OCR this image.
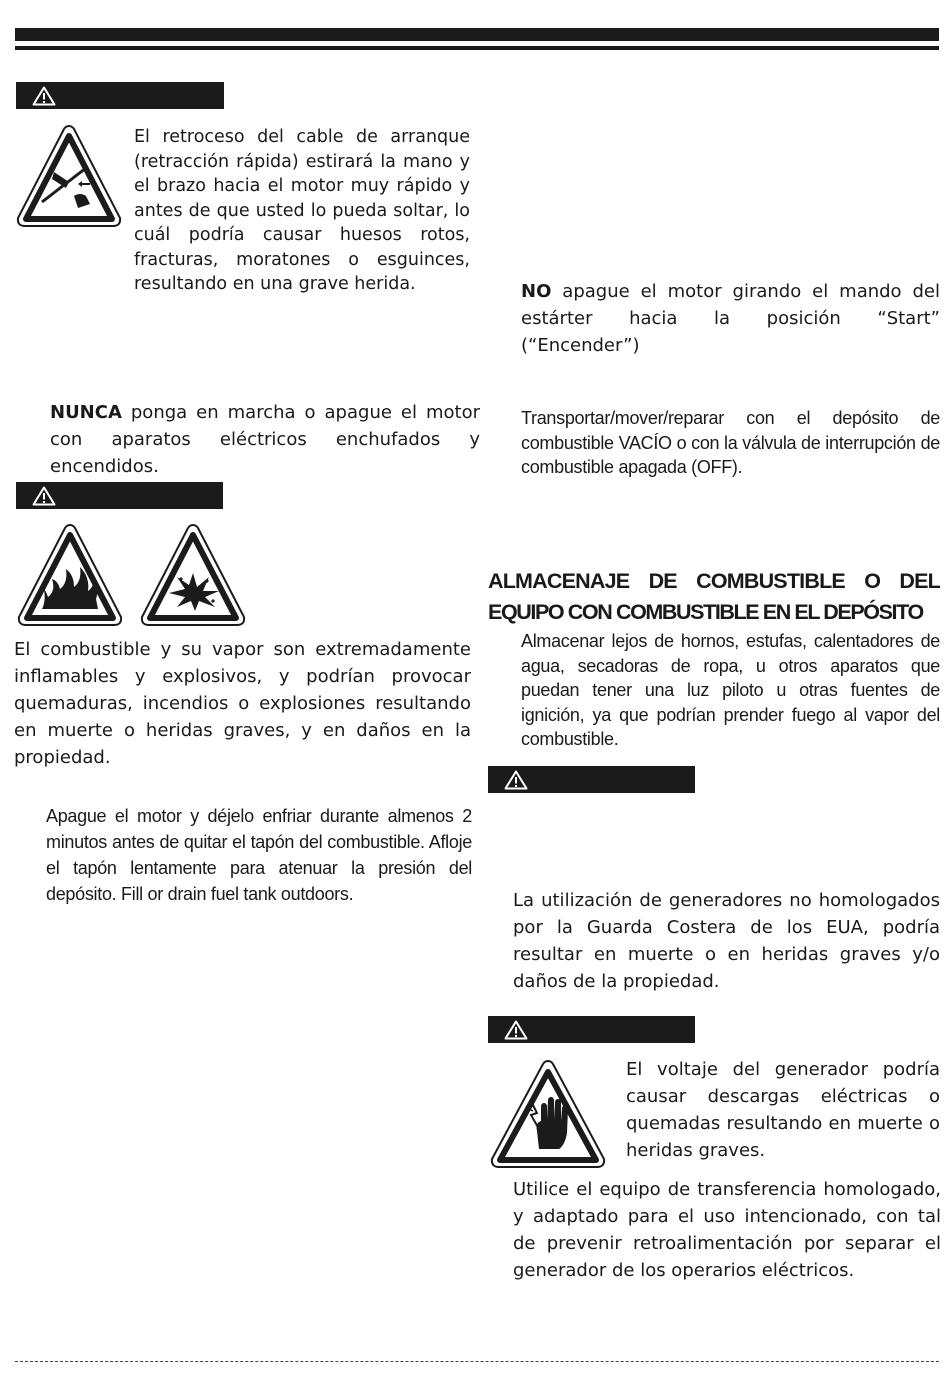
El retroceso del cable de arranque (retracción rápida) estirará la mano y el brazo hacia el motor muy rápido y antes de que usted lo pueda soltar, lo cuál podría causar huesos rotos, fracturas, moratones o esguinces, resultando en una grave herida.
NUNCA ponga en marcha o apague el motor con aparatos eléctricos enchufados y encendidos.
El combustible y su vapor son extremadamente inflamables y explosivos, y podrían provocar quemaduras, incendios o explosiones resultando en muerte o heridas graves, y en daños en la propiedad.
Apague el motor y déjelo enfriar durante almenos 2 minutos antes de quitar el tapón del combustible. Afloje el tapón lentamente para atenuar la presión del depósito. Fill or drain fuel tank outdoors.
NO apague el motor girando el mando del estárter hacia la posición “Start” (“Encender”)
Transportar/mover/reparar con el depósito de combustible VACÍO o con la válvula de interrupción de combustible apagada (OFF).
ALMACENAJE DE COMBUSTIBLE O DEL
EQUIPO CON COMBUSTIBLE EN EL DEPÓSITO
Almacenar lejos de hornos, estufas, calentadores de agua, secadoras de ropa, u otros aparatos que puedan tener una luz piloto u otras fuentes de ignición, ya que podrían prender fuego al vapor del combustible.
La utilización de generadores no homologados por la Guarda Costera de los EUA, podría resultar en muerte o en heridas graves y/o daños de la propiedad.
El voltaje del generador podría causar descargas eléctricas o quemadas resultando en muerte o heridas graves.
Utilice el equipo de transferencia homologado, y adaptado para el uso intencionado, con tal de prevenir retroalimentación por separar el generador de los operarios eléctricos.
